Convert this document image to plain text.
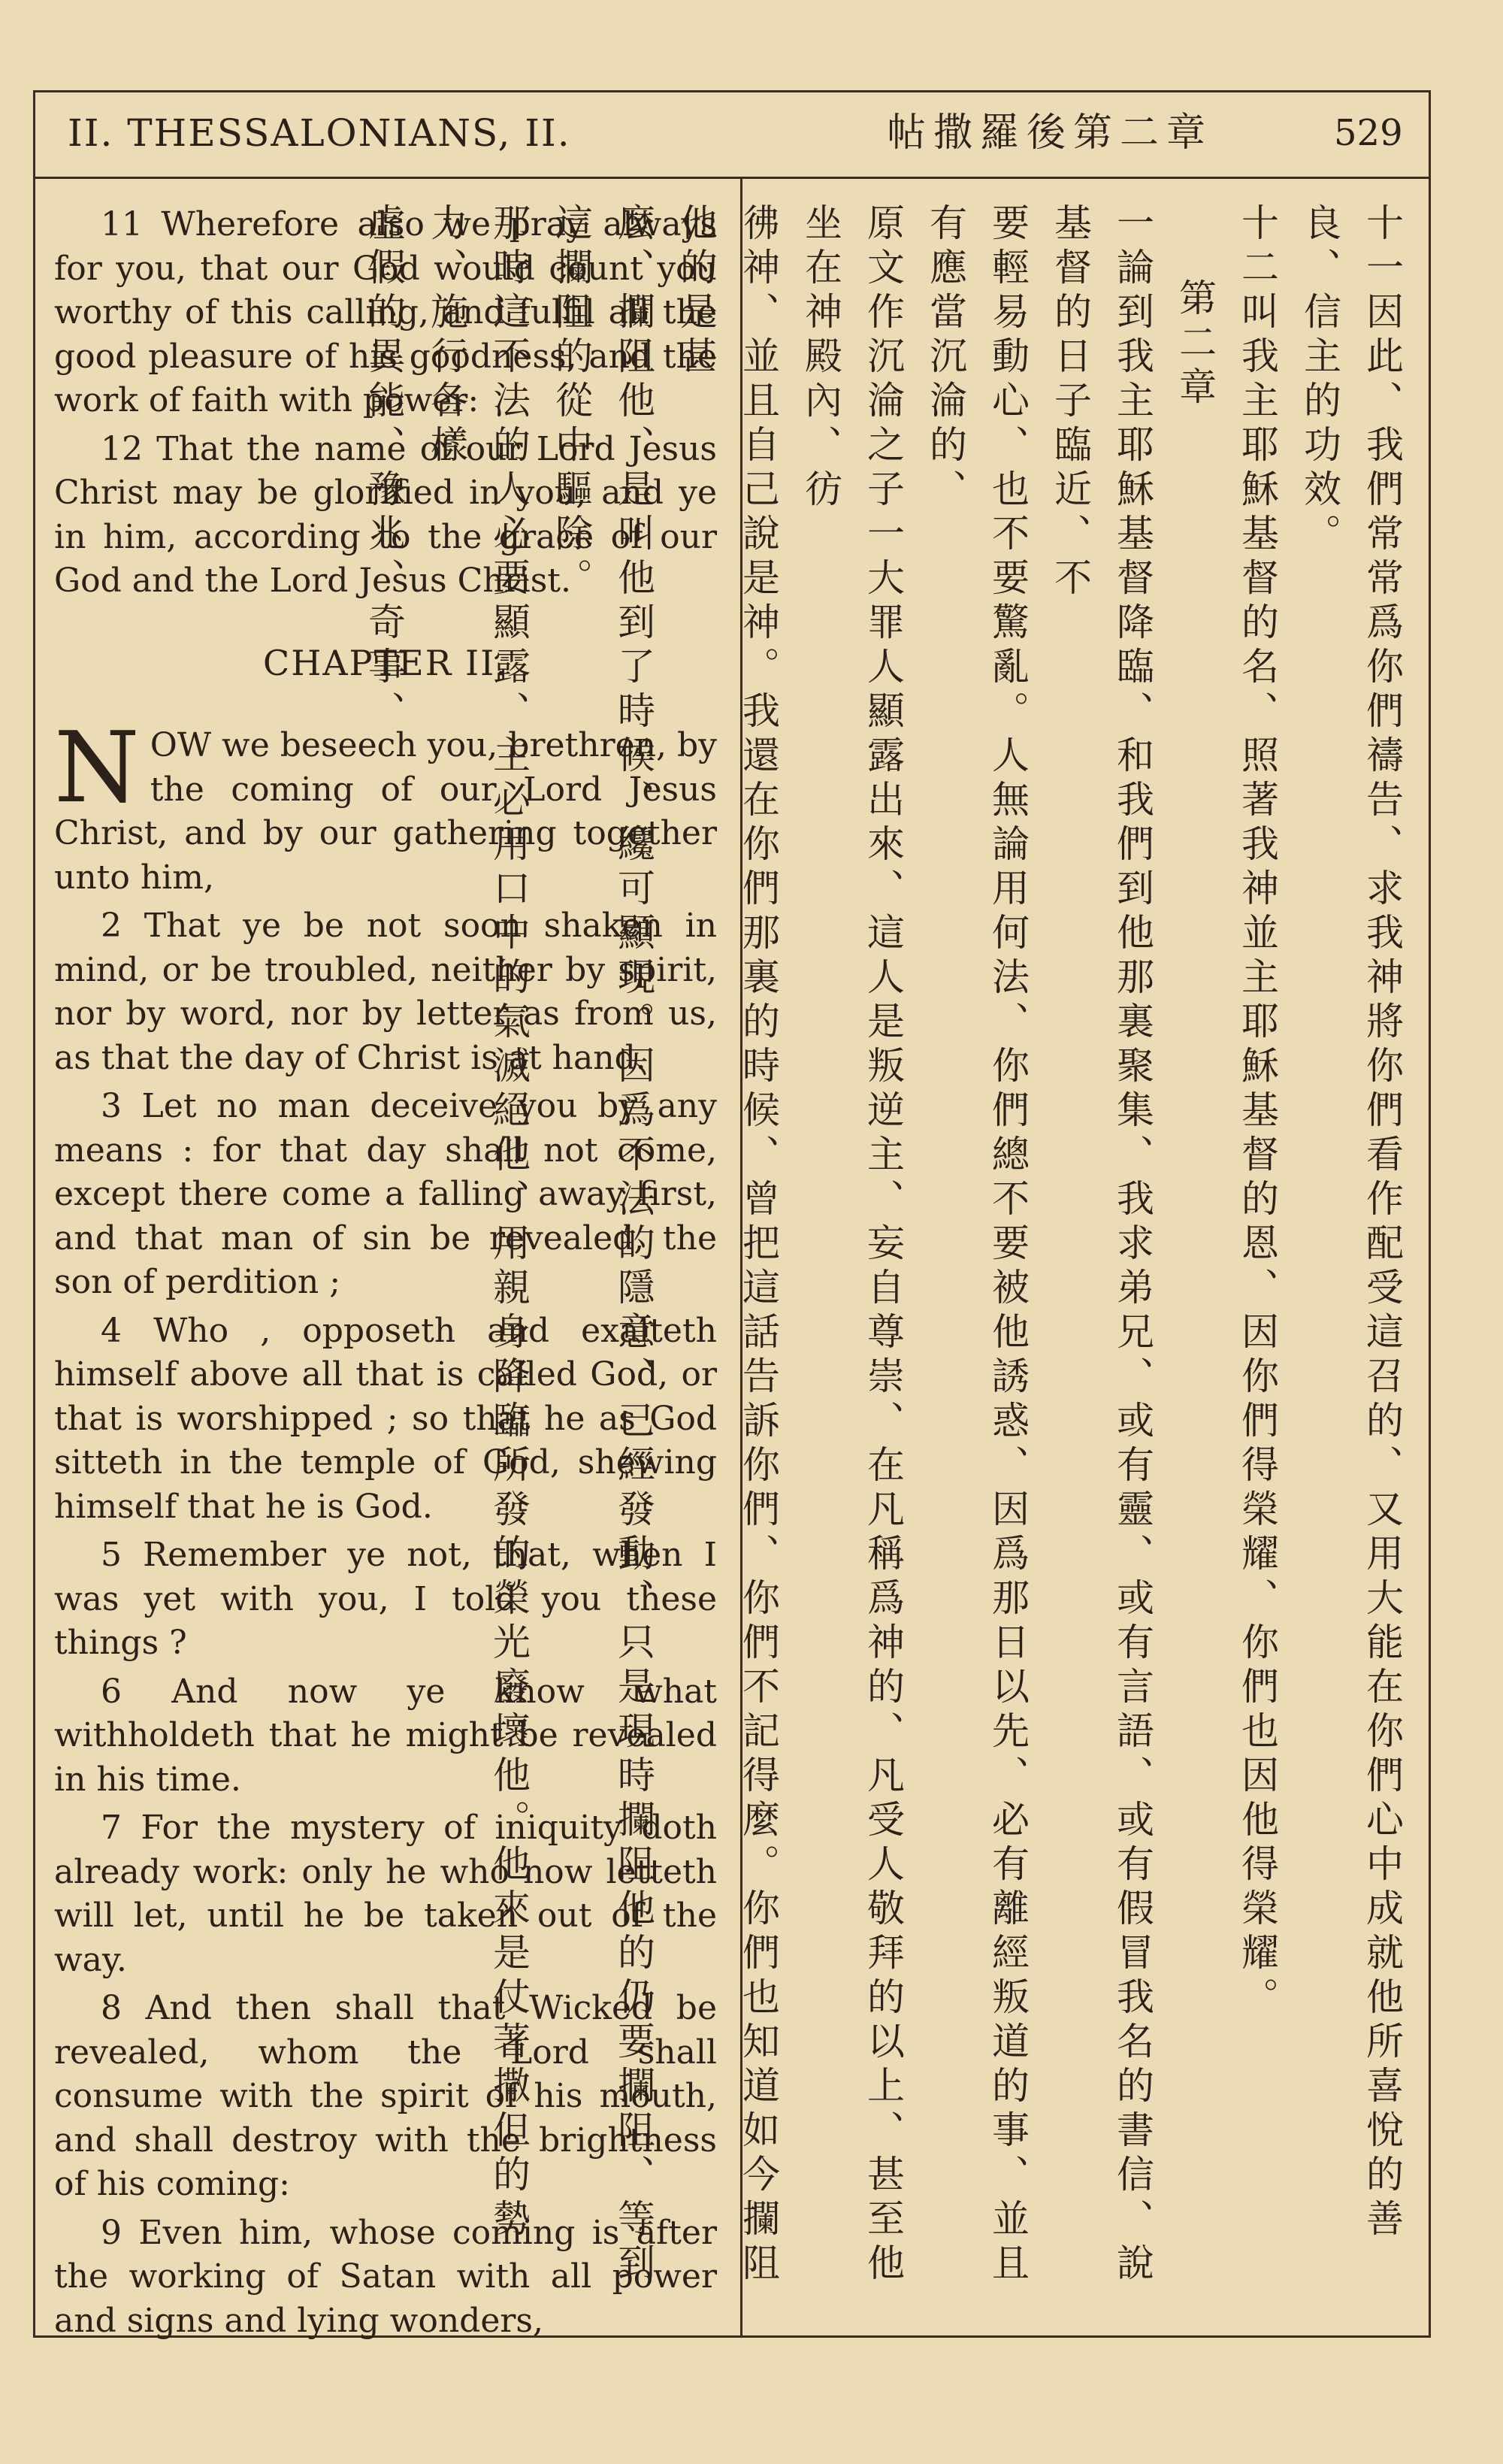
II. THESSALONIANS, II.	帖撒羅後第二章	529

11 Wherefore also we pray always for you, that our God would count you worthy of this calling, and fulfil all the good pleasure of his goodness, and the work of faith with power:

12 That the name of our Lord Jesus Christ may be glorified in you, and ye in him, according to the grace of our God and the Lord Jesus Christ.

CHAPTER II.

NOW we beseech you, brethren, by the coming of our Lord Jesus Christ, and by our gathering together unto him,

2 That ye be not soon shaken in mind, or be troubled, neither by spirit, nor by word, nor by letter as from us, as that the day of Christ is at hand.

3 Let no man deceive you by any means : for that day shall not come, except there come a falling away first, and that man of sin be revealed, the son of perdition ;

4 Who , opposeth and exalteth himself above all that is called God, or that is worshipped ; so that he as God sitteth in the temple of God, shewing himself that he is God.

5 Remember ye not, that, when I was yet with you, I told you these things ?

6 And now ye know what withholdeth that he might be revealed in his time.

7 For the mystery of iniquity doth already work: only he who now letteth will let, until he be taken out of the way.

8 And then shall that Wicked be revealed, whom the Lord shall consume with the spirit of his mouth, and shall destroy with the brightness of his coming:

9 Even him, whose coming is after the working of Satan with all power and signs and lying wonders,

十一因此、我們常常爲你們禱告、求我神將你們看作配受這召的、又用大能在你們心中成就他所喜悅的善良、信主的功效。

十二叫我主耶穌基督的名、照著我神並主耶穌基督的恩、因你們得榮耀、你們也因他得榮耀。

第二章

一論到我主耶穌基督降臨、和我們到他那裏聚集、我求弟兄、或有靈、或有言語、或有假冒我名的書信、說基督的日子臨近、不

要輕易動心、也不要驚亂。人無論用何法、你們總不要被他誘惑、因爲那日以先、必有離經叛道的事、並且有應當沉淪的、

原文作沉淪之子一大罪人顯露出來、這人是叛逆主、妄自尊崇、在凡稱爲神的、凡受人敬拜的以上、甚至他坐在神殿內、彷

彿神、並且自己說是神。我還在你們那裏的時候、曾把這話告訴你們、你們不記得麼。你們也知道如今攔阻他的是甚

麼、攔阻他、是叫他到了時候、纔可顯現。因爲不法的隱意、已經發動、只是現時攔阻他的仍要攔阻、等到這攔阻的從中驅除。

那時這不法的人必要顯露、主必用口中的氣滅絕他、用親身降臨所發的榮光廢壞他。他來是仗著撒但的勢力、施行各樣

虛假的異能、豫兆、奇事、
